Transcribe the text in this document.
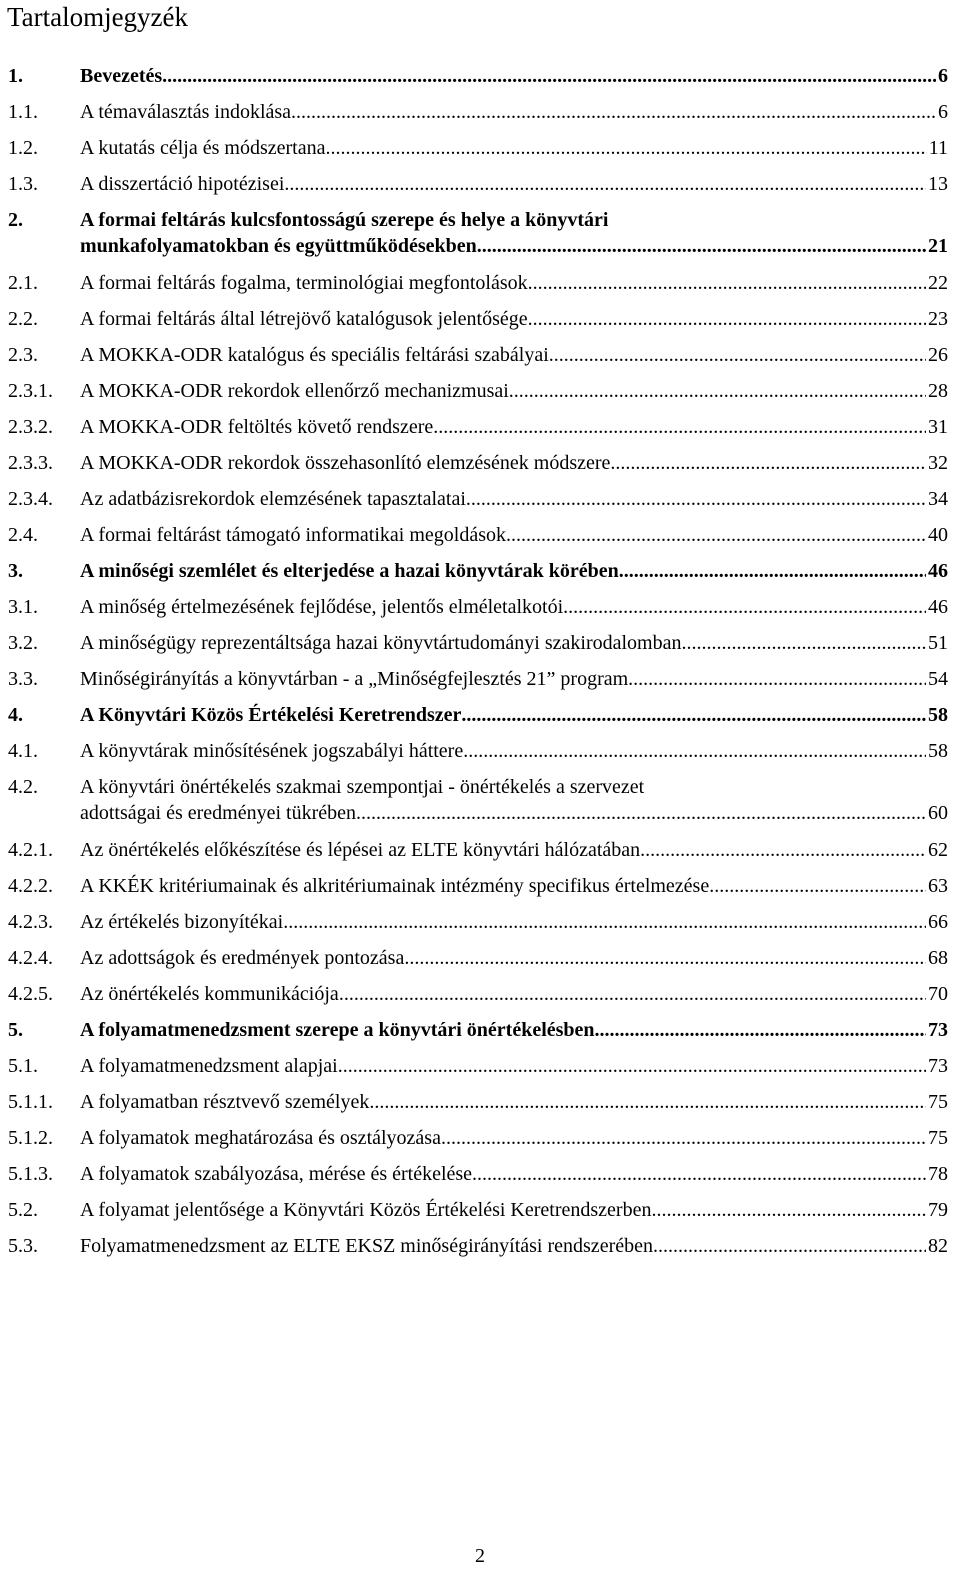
Tartalomjegyzék
1.	Bevezetés .....	6
1.1. A témaválasztás indoklása .....	6
1.2. A kutatás célja és módszertana .....	11
1.3. A disszertáció hipotézisei .....	13
2.	A formai feltárás kulcsfontosságú szerepe és helye a könyvtári
munkafolyamatokban és együttműködésekben .....	21
2.1. A formai feltárás fogalma, terminológiai megfontolások .....	22
2.2. A formai feltárás által létrejövő katalógusok jelentősége .....	23
2.3. A MOKKA-ODR katalógus és speciális feltárási szabályai .....	26
2.3.1. A MOKKA-ODR rekordok ellenőrző mechanizmusai .....	28
2.3.2. A MOKKA-ODR feltöltés követő rendszere .....	31
2.3.3. A MOKKA-ODR rekordok összehasonlító elemzésének módszere .....	32
2.3.4. Az adatbázisrekordok elemzésének tapasztalatai .....	34
2.4. A formai feltárást támogató informatikai megoldások .....	40
3.	A minőségi szemlélet és elterjedése a hazai könyvtárak körében .....	46
3.1. A minőség értelmezésének fejlődése, jelentős elméletalkotói .....	46
3.2. A minőségügy reprezentáltsága hazai könyvtártudományi szakirodalomban .....	51
3.3. Minőségirányítás a könyvtárban - a „Minőségfejlesztés 21” program .....	54
4.	A Könyvtári Közös Értékelési Keretrendszer .....	58
4.1. A könyvtárak minősítésének jogszabályi háttere .....	58
4.2. A könyvtári önértékelés szakmai szempontjai - önértékelés a szervezet
adottságai és eredményei tükrében .....	60
4.2.1. Az önértékelés előkészítése és lépései az ELTE könyvtári hálózatában .....	62
4.2.2. A KKÉK kritériumainak és alkritériumainak intézmény specifikus értelmezése .....	63
4.2.3. Az értékelés bizonyítékai .....	66
4.2.4. Az adottságok és eredmények pontozása .....	68
4.2.5. Az önértékelés kommunikációja .....	70
5.	A folyamatmenedzsment szerepe a könyvtári önértékelésben .....	73
5.1. A folyamatmenedzsment alapjai .....	73
5.1.1. A folyamatban résztvevő személyek .....	75
5.1.2. A folyamatok meghatározása és osztályozása .....	75
5.1.3. A folyamatok szabályozása, mérése és értékelése .....	78
5.2. A folyamat jelentősége a Könyvtári Közös Értékelési Keretrendszerben .....	79
5.3. Folyamatmenedzsment az ELTE EKSZ minőségirányítási rendszerében .....	82
2
